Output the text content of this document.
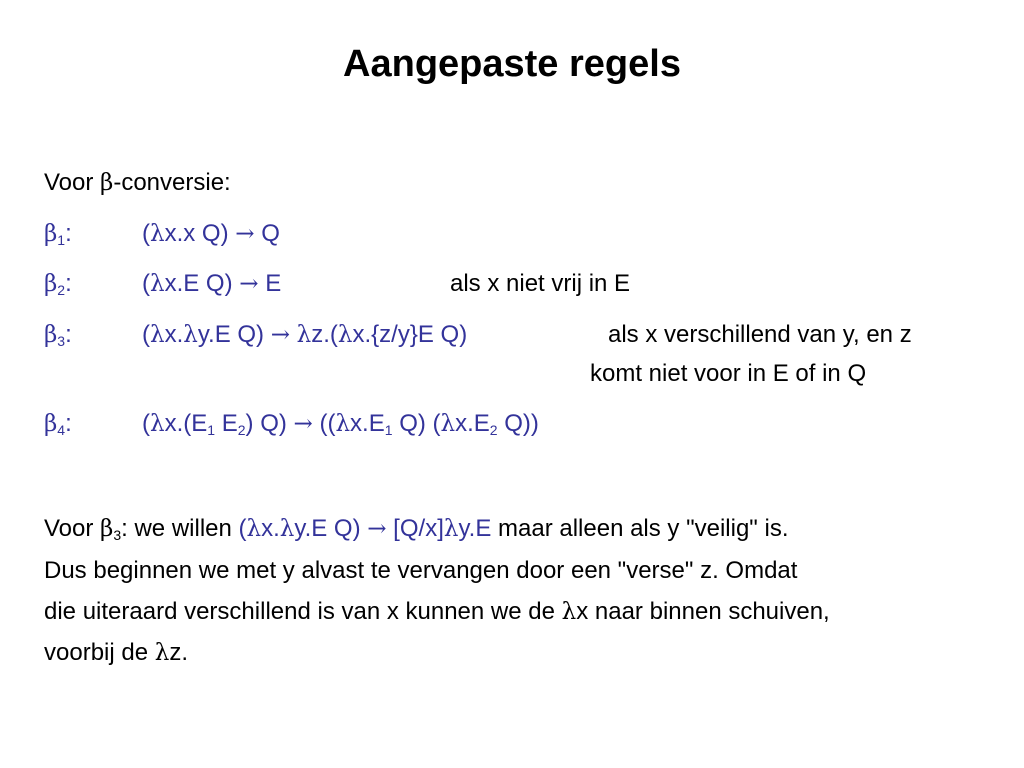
Aangepaste regels
Voor β-conversie:
$\beta_1$:	(λx.x Q) → Q
$\beta_2$:	(λx.E Q) → E	als x niet vrij in E
$\beta_3$:	(λx.λy.E Q) → λz.(λx.{z/y}E Q)	als x verschillend van y, en z
komt niet voor in E of in Q
$\beta_4$:	($\lambda x.(E_1$ $E_2$) $Q) \to ((\lambda x.E_1$ Q) ($\lambda x.E_2$ Q))
Voor $\beta_3$: we willen (λx.λy.E Q) → [Q/x]λy.E maar alleen als y "veilig" is.
Dus beginnen we met y alvast te vervangen door een "verse" z. Omdat
die uiteraard verschillend is van x kunnen we de λx naar binnen schuiven,
voorbij de λz.
